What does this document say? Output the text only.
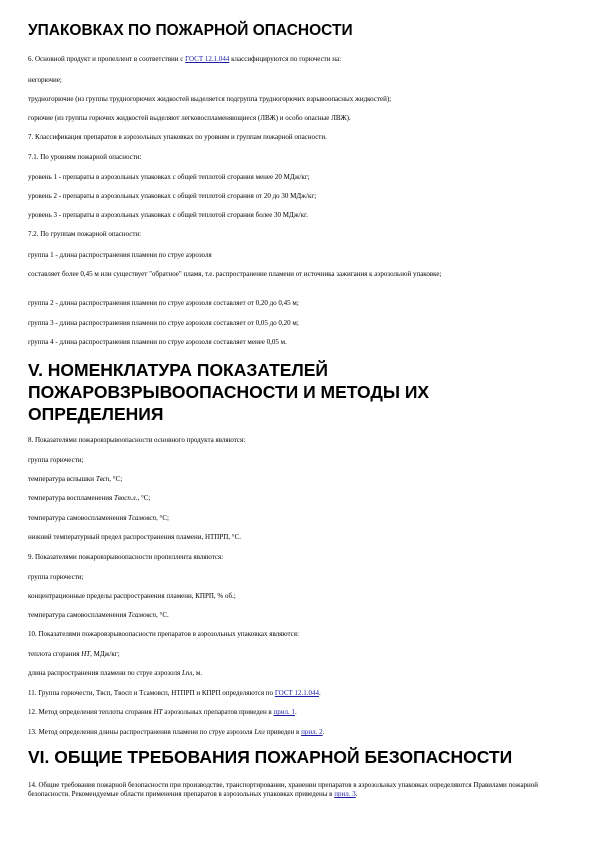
УПАКОВКАХ ПО ПОЖАРНОЙ ОПАСНОСТИ

6. Основной продукт и пропеллент в соответствии с ГОСТ 12.1.044 классифицируются по горючести на:

негорючие;

трудногорючие (из группы трудногорючих жидкостей выделяется подгруппа трудногорючих взрывоопасных жидкостей);

горючие (из группы горючих жидкостей выделяют легковоспламеняющиеся (ЛВЖ) и особо опасные ЛВЖ).

7. Классификация препаратов в аэрозольных упаковках по уровням и группам пожарной опасности.

7.1. По уровням пожарной опасности:

уровень 1 - препараты в аэрозольных упаковках с общей теплотой сгорания менее 20 МДж/кг;

уровень 2 - препараты в аэрозольных упаковках с общей теплотой сгорания от 20 до 30 МДж/кг;

уровень 3 - препараты в аэрозольных упаковках с общей теплотой сгорания более 30 МДж/кг.

7.2. По группам пожарной опасности:

группа 1 - длина распространения пламени по струе аэрозоля

составляет более 0,45 м или существует "обратное" пламя, т.е. распространение пламени от источника зажигания к аэрозольной упаковке;

группа 2 - длина распространения пламени по струе аэрозоля составляет от 0,20 до 0,45 м;

группа 3 - длина распространения пламени по струе аэрозоля составляет от 0,05 до 0,20 м;

группа 4 - длина распространения пламени по струе аэрозоля составляет менее 0,05 м.

V. НОМЕНКЛАТУРА ПОКАЗАТЕЛЕЙ
ПОЖАРОВЗРЫВООПАСНОСТИ И МЕТОДЫ ИХ
ОПРЕДЕЛЕНИЯ

8. Показателями пожаровзрывоопасности основного продукта являются:

группа горючести;

температура вспышки Tвсп, °C;

температура воспламенения Tвосп.л., °C;

температура самовоспламенения Tсамовсп, °C;

нижний температурный предел распространения пламени, НТПРП, °C.

9. Показателями пожаровзрывоопасности пропеллента являются:

группа горючести;

концентрационные пределы распространения пламени, КПРП, % об.;

температура самовоспламенения Tсамовсп, °C.

10. Показателями пожаровзрывоопасности препаратов в аэрозольных упаковках являются:

теплота сгорания HT, МДж/кг;

длина распространения пламени по струе аэрозоля Lпл, м.

11. Группа горючести, Tвсп, Tвосп и Tсамовсп, НТПРП и КПРП определяются по ГОСТ 12.1.044.

12. Метод определения теплоты сгорания HT аэрозольных препаратов приведен в прил. 1.

13. Метод определения длины распространения пламени по струе аэрозоля Lпл приведен в прил. 2.

VI. ОБЩИЕ ТРЕБОВАНИЯ ПОЖАРНОЙ БЕЗОПАСНОСТИ

14. Общие требования пожарной безопасности при производстве, транспортировании, хранении препаратов в аэрозольных упаковках определяются Правилами пожарной безопасности. Рекомендуемые области применения препаратов в аэрозольных упаковках приведены в прил. 3.
